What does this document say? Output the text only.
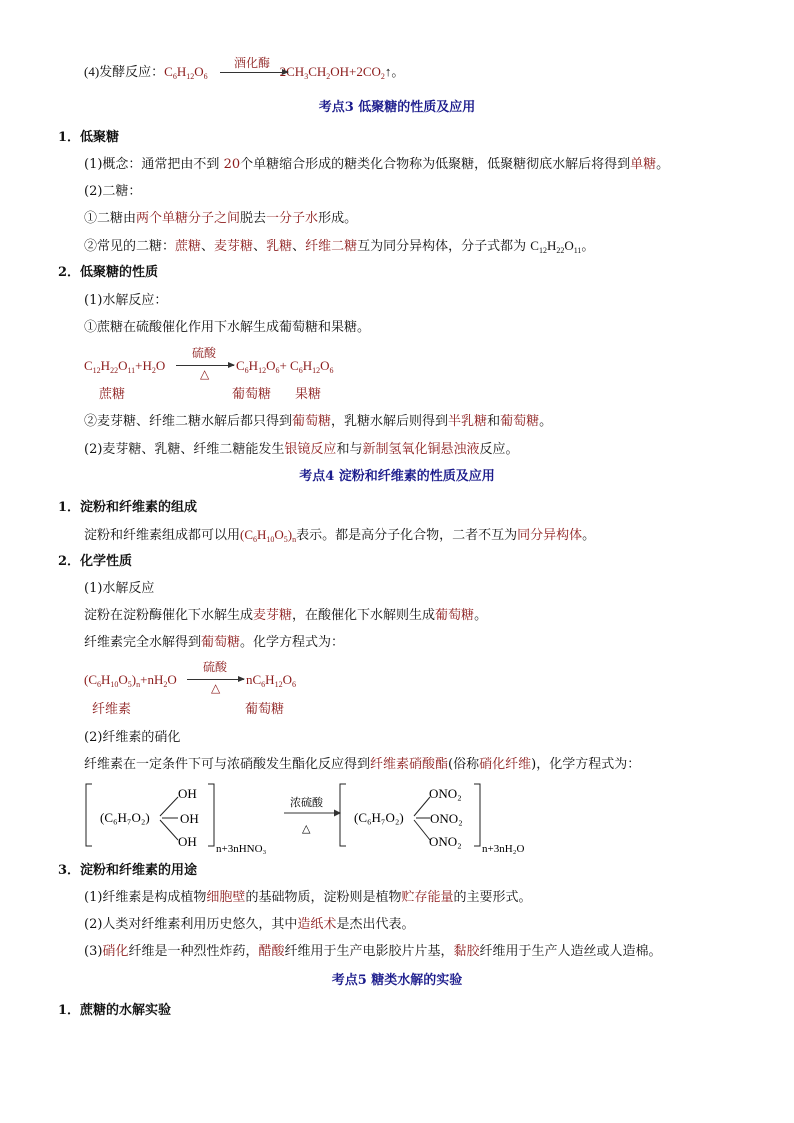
(4)发酵反应：$C_6H_{12}O_6$	$2CH_3CH_2OH+2CO_2↑$。
酒化酶
考点3 低聚糖的性质及应用
1．低聚糖
(1)概念：通常把由不到 20个单糖缩合形成的糖类化合物称为低聚糖，低聚糖彻底水解后将得到单糖。
(2)二糖：
①二糖由两个单糖分子之间脱去一分子水形成。
②常见的二糖：蔗糖、麦芽糖、乳糖、纤维二糖互为同分异构体，分子式都为 $C_{12}H_{22}O_{11}$。
2．低聚糖的性质
(1)水解反应：
①蔗糖在硫酸催化作用下水解生成葡萄糖和果糖。
$C_{12}H_{22}O_{11}+H_2O$
硫酸
△
$C_6H_{12}O_6+ C_6H_{12}O_6$
蔗糖	葡萄糖 果糖
②麦芽糖、纤维二糖水解后都只得到葡萄糖，乳糖水解后则得到半乳糖和葡萄糖。
(2)麦芽糖、乳糖、纤维二糖能发生银镜反应和与新制氢氧化铜悬浊液反应。
考点4 淀粉和纤维素的性质及应用
1．淀粉和纤维素的组成
淀粉和纤维素组成都可以用$(C_6H_{10}O_5)_n$表示。都是高分子化合物，二者不互为同分异构体。
2．化学性质
(1)水解反应
淀粉在淀粉酶催化下水解生成麦芽糖，在酸催化下水解则生成葡萄糖。
纤维素完全水解得到葡萄糖。化学方程式为：
$(C_6H_{10}O_5)_n+nH_2O$
硫酸
△
$nC_6H_{12}O_6$
纤维素	葡萄糖
(2)纤维素的硝化
纤维素在一定条件下可与浓硝酸发生酯化反应得到纤维素硝酸酯(俗称硝化纤维)，化学方程式为：
(C₆H₇O₂)
OH
OH
OH n+3nHNO₃
浓硫酸
△
(C₆H₇O₂)
ONO₂
ONO₂
ONO₂ n+3nH₂O
3．淀粉和纤维素的用途
(1)纤维素是构成植物细胞壁的基础物质，淀粉则是植物贮存能量的主要形式。
(2)人类对纤维素利用历史悠久，其中造纸术是杰出代表。
(3)硝化纤维是一种烈性炸药，醋酸纤维用于生产电影胶片片基，黏胶纤维用于生产人造丝或人造棉。
考点5 糖类水解的实验
1．蔗糖的水解实验
